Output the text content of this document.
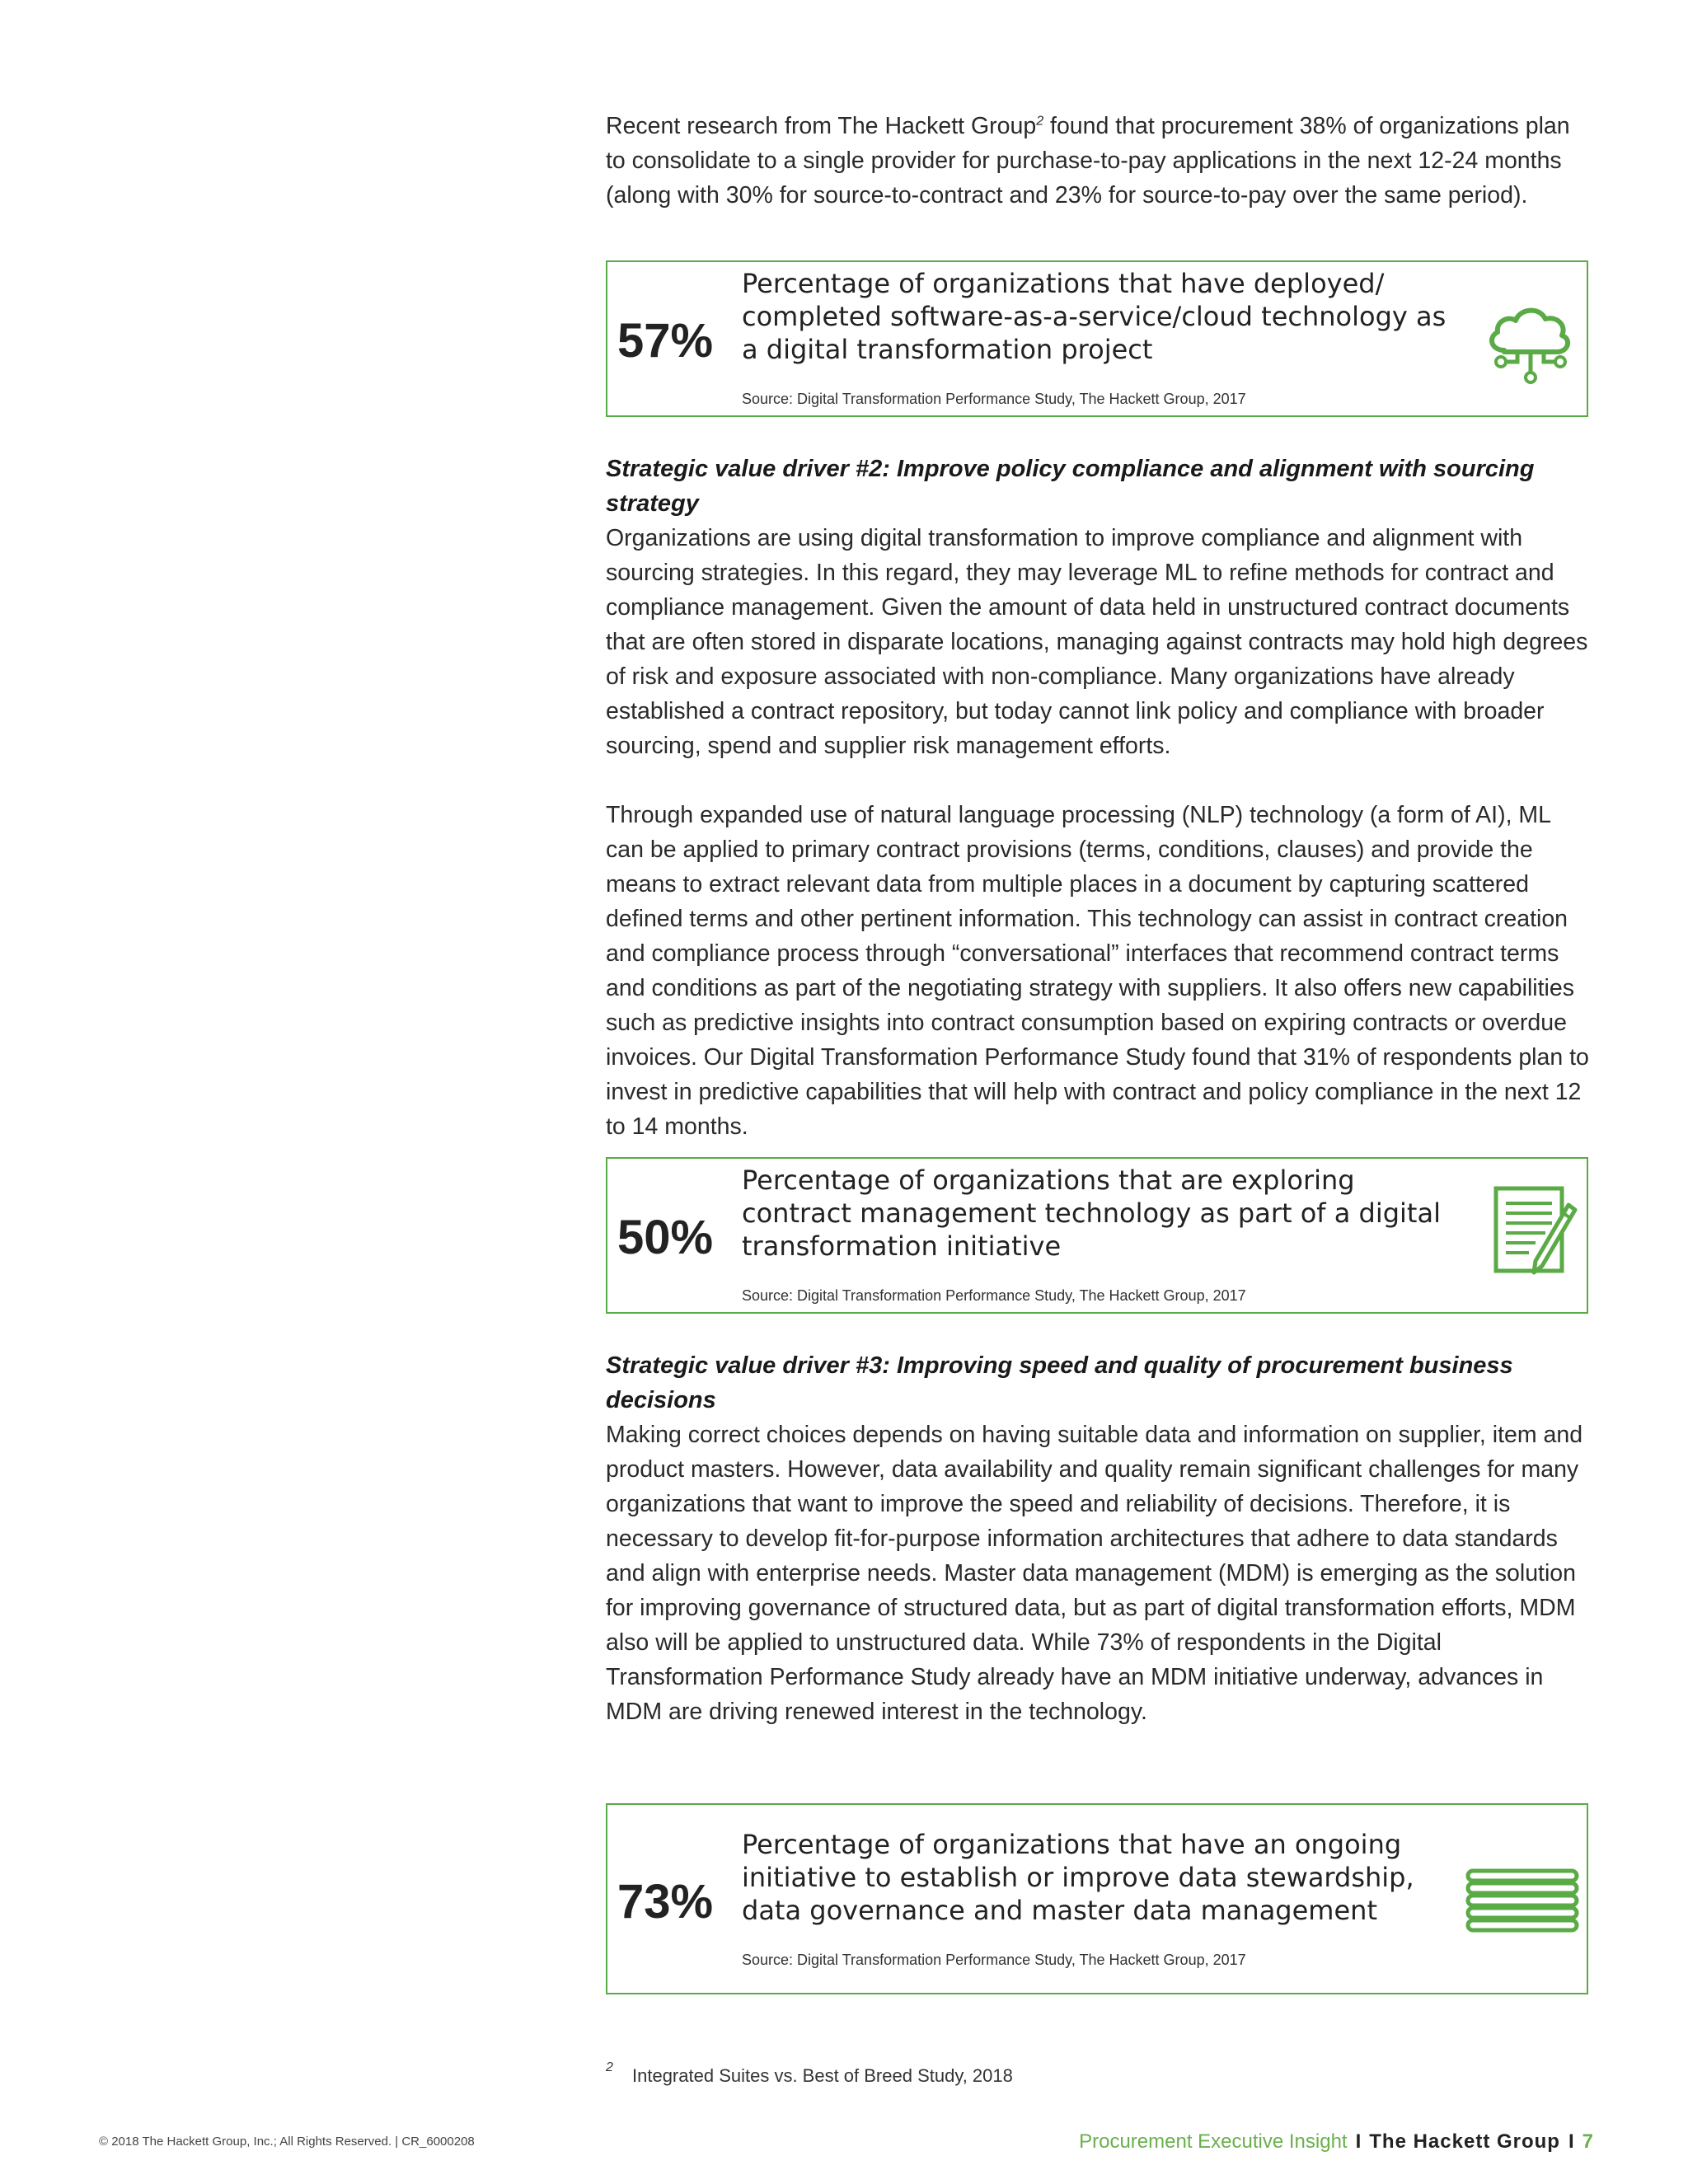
Recent research from The Hackett Group$^2$ found that procurement 38% of organizations plan to consolidate to a single provider for purchase-to-pay applications in the next 12-24 months (along with 30% for source-to-contract and 23% for source-to-pay over the same period).

57%
Percentage of organizations that have deployed/ completed software-as-a-service/cloud technology as a digital transformation project
Source: Digital Transformation Performance Study, The Hackett Group, 2017

Strategic value driver #2: Improve policy compliance and alignment with sourcing strategy

Organizations are using digital transformation to improve compliance and alignment with sourcing strategies. In this regard, they may leverage ML to refine methods for contract and compliance management. Given the amount of data held in unstructured contract documents that are often stored in disparate locations, managing against contracts may hold high degrees of risk and exposure associated with non-compliance. Many organizations have already established a contract repository, but today cannot link policy and compliance with broader sourcing, spend and supplier risk management efforts.

Through expanded use of natural language processing (NLP) technology (a form of AI), ML can be applied to primary contract provisions (terms, conditions, clauses) and provide the means to extract relevant data from multiple places in a document by capturing scattered defined terms and other pertinent information. This technology can assist in contract creation and compliance process through “conversational” interfaces that recommend contract terms and conditions as part of the negotiating strategy with suppliers. It also offers new capabilities such as predictive insights into contract consumption based on expiring contracts or overdue invoices. Our Digital Transformation Performance Study found that 31% of respondents plan to invest in predictive capabilities that will help with contract and policy compliance in the next 12 to 14 months.

50%
Percentage of organizations that are exploring contract management technology as part of a digital transformation initiative
Source: Digital Transformation Performance Study, The Hackett Group, 2017

Strategic value driver #3: Improving speed and quality of procurement business decisions

Making correct choices depends on having suitable data and information on supplier, item and product masters. However, data availability and quality remain significant challenges for many organizations that want to improve the speed and reliability of decisions. Therefore, it is necessary to develop fit-for-purpose information architectures that adhere to data standards and align with enterprise needs. Master data management (MDM) is emerging as the solution for improving governance of structured data, but as part of digital transformation efforts, MDM also will be applied to unstructured data. While 73% of respondents in the Digital Transformation Performance Study already have an MDM initiative underway, advances in MDM are driving renewed interest in the technology.

73%
Percentage of organizations that have an ongoing initiative to establish or improve data stewardship, data governance and master data management
Source: Digital Transformation Performance Study, The Hackett Group, 2017
2 Integrated Suites vs. Best of Breed Study, 2018
© 2018 The Hackett Group, Inc.; All Rights Reserved. | CR_6000208	Procurement Executive Insight I The Hackett Group I 7
